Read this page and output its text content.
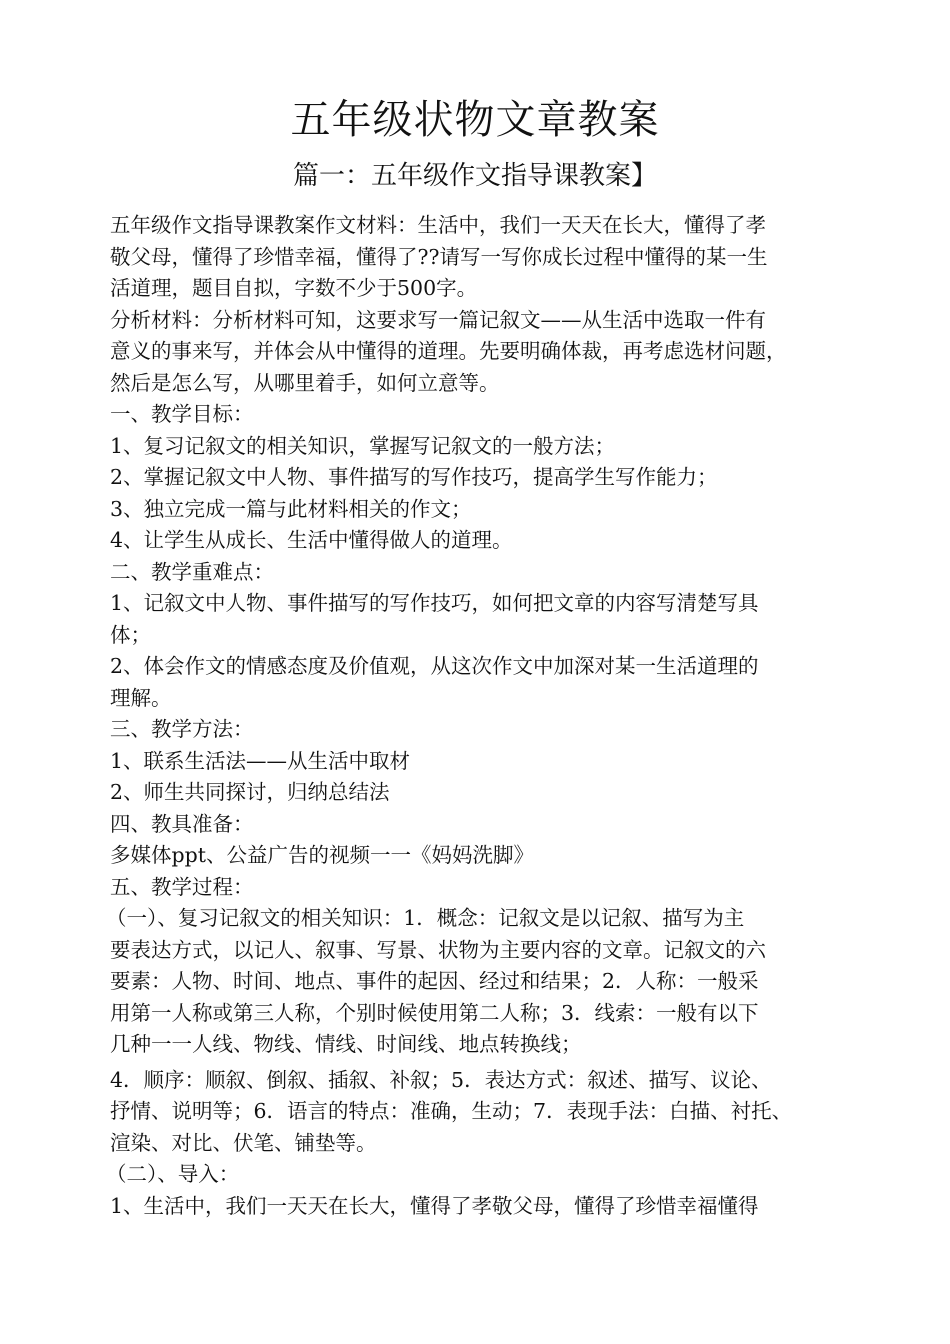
五年级状物文章教案
篇一：五年级作文指导课教案】
五年级作文指导课教案作文材料：生活中，我们一天天在长大，懂得了孝
敬父母，懂得了珍惜幸福，懂得了??请写一写你成长过程中懂得的某一生
活道理，题目自拟，字数不少于500字。
分析材料：分析材料可知，这要求写一篇记叙文——从生活中选取一件有
意义的事来写，并体会从中懂得的道理。先要明确体裁，再考虑选材问题，
然后是怎么写，从哪里着手，如何立意等。
一、教学目标：
1、复习记叙文的相关知识，掌握写记叙文的一般方法；
2、掌握记叙文中人物、事件描写的写作技巧，提高学生写作能力；
3、独立完成一篇与此材料相关的作文；
4、让学生从成长、生活中懂得做人的道理。
二、教学重难点：
1、记叙文中人物、事件描写的写作技巧，如何把文章的内容写清楚写具
体；
2、体会作文的情感态度及价值观，从这次作文中加深对某一生活道理的
理解。
三、教学方法：
1、联系生活法——从生活中取材
2、师生共同探讨，归纳总结法
四、教具准备：
多媒体ppt、公益广告的视频一一《妈妈洗脚》
五、教学过程：
（一）、复习记叙文的相关知识：1．概念：记叙文是以记叙、描写为主
要表达方式，以记人、叙事、写景、状物为主要内容的文章。记叙文的六
要素：人物、时间、地点、事件的起因、经过和结果；2．人称：一般采
用第一人称或第三人称，个别时候使用第二人称；3．线索：一般有以下
几种一一人线、物线、情线、时间线、地点转换线；
4．顺序：顺叙、倒叙、插叙、补叙；5．表达方式：叙述、描写、议论、
抒情、说明等；6．语言的特点：准确，生动；7．表现手法：白描、衬托、
渲染、对比、伏笔、铺垫等。
（二）、导入：
1、生活中，我们一天天在长大，懂得了孝敬父母，懂得了珍惜幸福懂得
